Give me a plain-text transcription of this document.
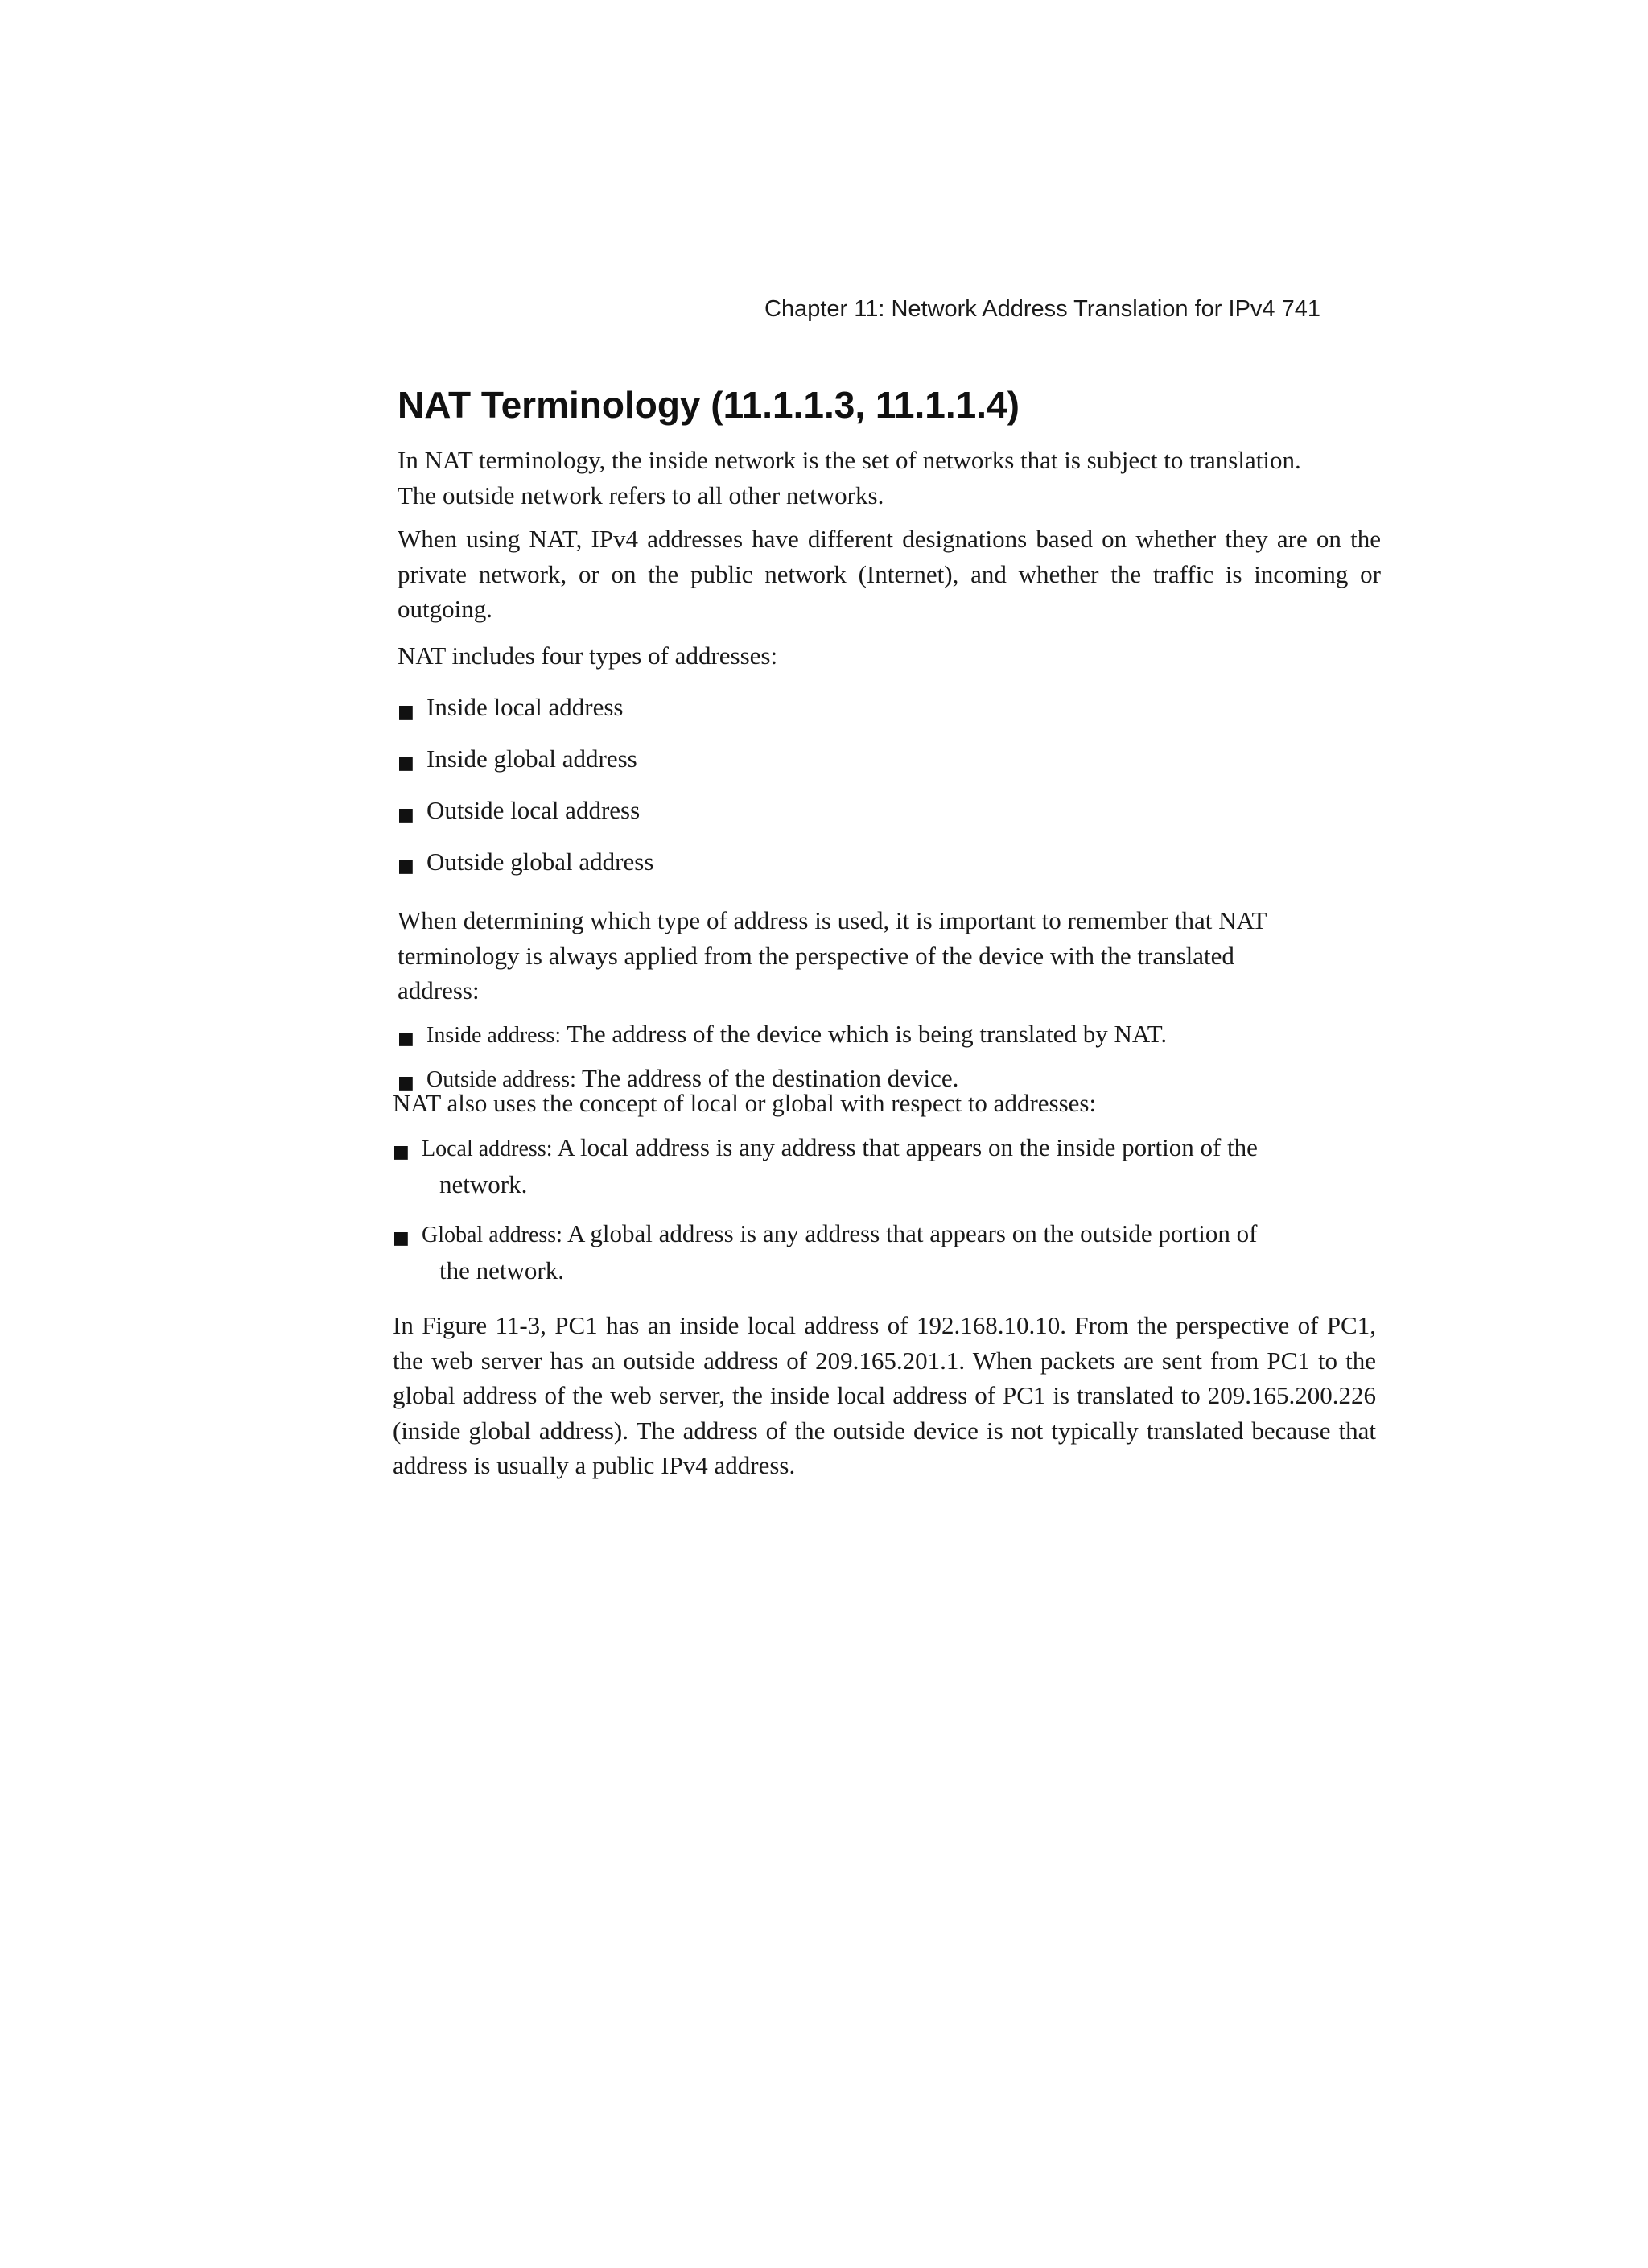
Chapter 11: Network Address Translation for IPv4 741
NAT Terminology (11.1.1.3, 11.1.1.4)
In NAT terminology, the inside network is the set of networks that is subject to translation.
The outside network refers to all other networks.

When using NAT, IPv4 addresses have different designations based on whether they are on the private network, or on the public network (Internet), and whether the traffic is incoming or outgoing.

NAT includes four types of addresses:

■ Inside local address
■ Inside global address
■ Outside local address
■ Outside global address
When determining which type of address is used, it is important to remember that NAT
terminology is always applied from the perspective of the device with the translated
address:
■ Inside address: The address of the device which is being translated by NAT.
■ Outside address: The address of the destination device.

NAT also uses the concept of local or global with respect to addresses:

■ Local address: A local address is any address that appears on the inside portion of the
network.
■ Global address: A global address is any address that appears on the outside portion of
the network.

In Figure 11-3, PC1 has an inside local address of 192.168.10.10. From the perspective of PC1, the web server has an outside address of 209.165.201.1. When packets are sent from PC1 to the global address of the web server, the inside local address of PC1 is translated to 209.165.200.226 (inside global address). The address of the outside device is not typically translated because that address is usually a public IPv4 address.
